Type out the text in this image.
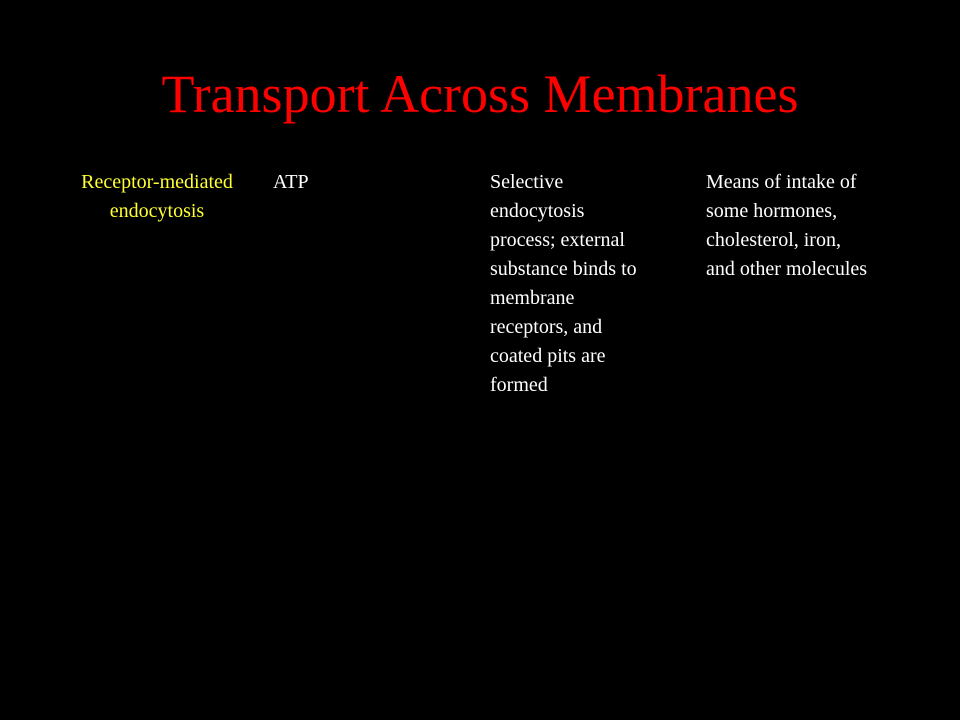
Transport Across Membranes
Receptor-mediated
endocytosis
ATP	Selective
endocytosis
process; external
substance binds to
membrane
receptors, and
coated pits are
formed
Means of intake of
some hormones,
cholesterol, iron,
and other molecules
